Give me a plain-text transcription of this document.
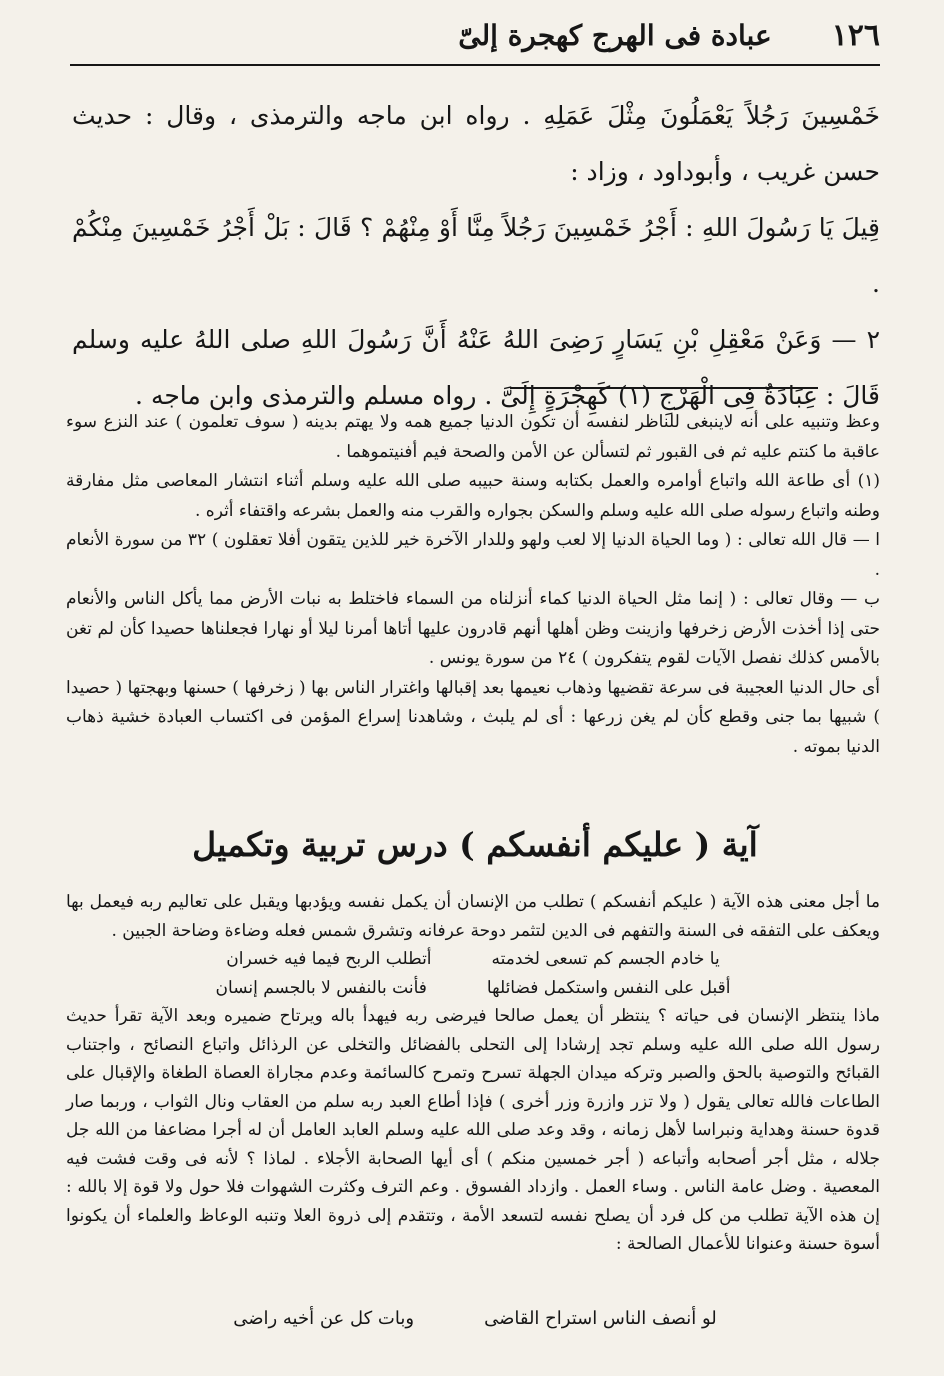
١٢٦
عبادة فى الهرج كهجرة إلىّ

خَمْسِينَ رَجُلاً يَعْمَلُونَ مِثْلَ عَمَلِهِ . رواه ابن ماجه والترمذى ، وقال : حديث حسن غريب ، وأبوداود ، وزاد :

قِيلَ يَا رَسُولَ اللهِ : أَجْرُ خَمْسِينَ رَجُلاً مِنَّا أَوْ مِنْهُمْ ؟ قَالَ : بَلْ أَجْرُ خَمْسِينَ مِنْكُمْ .

٢ — وَعَنْ مَعْقِلِ بْنِ يَسَارٍ رَضِىَ اللهُ عَنْهُ أَنَّ رَسُولَ اللهِ صلى اللهُ عليه وسلم قَالَ : عِبَادَةٌ فِى الْهَرْجِ (١) كَهِجْرَةٍ إِلَىَّ . رواه مسلم والترمذى وابن ماجه .

وعظ وتنبيه على أنه لاينبغى للناظر لنفسه أن تكون الدنيا جميع همه ولا يهتم بدينه ( سوف تعلمون ) عند النزع سوء عاقبة ما كنتم عليه ثم فى القبور ثم لتسألن عن الأمن والصحة فيم أفنيتموهما .

(١) أى طاعة الله واتباع أوامره والعمل بكتابه وسنة حبيبه صلى الله عليه وسلم أثناء انتشار المعاصى مثل مفارقة وطنه واتباع رسوله صلى الله عليه وسلم والسكن بجواره والقرب منه والعمل بشرعه واقتفاء أثره .

ا — قال الله تعالى : ( وما الحياة الدنيا إلا لعب ولهو وللدار الآخرة خير للذين يتقون أفلا تعقلون ) ٣٢ من سورة الأنعام .

ب — وقال تعالى : ( إنما مثل الحياة الدنيا كماء أنزلناه من السماء فاختلط به نبات الأرض مما يأكل الناس والأنعام حتى إذا أخذت الأرض زخرفها وازينت وظن أهلها أنهم قادرون عليها أتاها أمرنا ليلا أو نهارا فجعلناها حصيدا كأن لم تغن بالأمس كذلك نفصل الآيات لقوم يتفكرون ) ٢٤ من سورة يونس .

أى حال الدنيا العجيبة فى سرعة تقضيها وذهاب نعيمها بعد إقبالها واغترار الناس بها ( زخرفها ) حسنها وبهجتها ( حصيدا ) شبيها بما جنى وقطع كأن لم يغن زرعها : أى لم يلبث ، وشاهدنا إسراع المؤمن فى اكتساب العبادة خشية ذهاب الدنيا بموته .

آية ( عليكم أنفسكم ) درس تربية وتكميل

ما أجل معنى هذه الآية ( عليكم أنفسكم ) تطلب من الإنسان أن يكمل نفسه ويؤدبها ويقبل على تعاليم ربه فيعمل بها ويعكف على التفقه فى السنة والتفهم فى الدين لتثمر دوحة عرفانه وتشرق شمس فعله وضاءة وضاحة الجبين .

يا خادم الجسم كم تسعى لخدمته
أتطلب الربح فيما فيه خسران
أقبل على النفس واستكمل فضائلها
فأنت بالنفس لا بالجسم إنسان

ماذا ينتظر الإنسان فى حياته ؟ ينتظر أن يعمل صالحا فيرضى ربه فيهدأ باله ويرتاح ضميره وبعد الآية تقرأ حديث رسول الله صلى الله عليه وسلم تجد إرشادا إلى التحلى بالفضائل والتخلى عن الرذائل واتباع النصائح ، واجتناب القبائح والتوصية بالحق والصبر وتركه ميدان الجهلة تسرح وتمرح كالسائمة وعدم مجاراة العصاة الطغاة والإقبال على الطاعات فالله تعالى يقول ( ولا تزر وازرة وزر أخرى ) فإذا أطاع العبد ربه سلم من العقاب ونال الثواب ، وربما صار قدوة حسنة وهداية ونبراسا لأهل زمانه ، وقد وعد صلى الله عليه وسلم العابد العامل أن له أجرا مضاعفا من الله جل جلاله ، مثل أجر أصحابه وأتباعه ( أجر خمسين منكم ) أى أيها الصحابة الأجلاء . لماذا ؟ لأنه فى وقت فشت فيه المعصية . وضل عامة الناس . وساء العمل . وازداد الفسوق . وعم الترف وكثرت الشهوات فلا حول ولا قوة إلا بالله : إن هذه الآية تطلب من كل فرد أن يصلح نفسه لتسعد الأمة ، وتتقدم إلى ذروة العلا وتنبه الوعاظ والعلماء أن يكونوا أسوة حسنة وعنوانا للأعمال الصالحة :

لو أنصف الناس استراح القاضى
وبات كل عن أخيه راضى
